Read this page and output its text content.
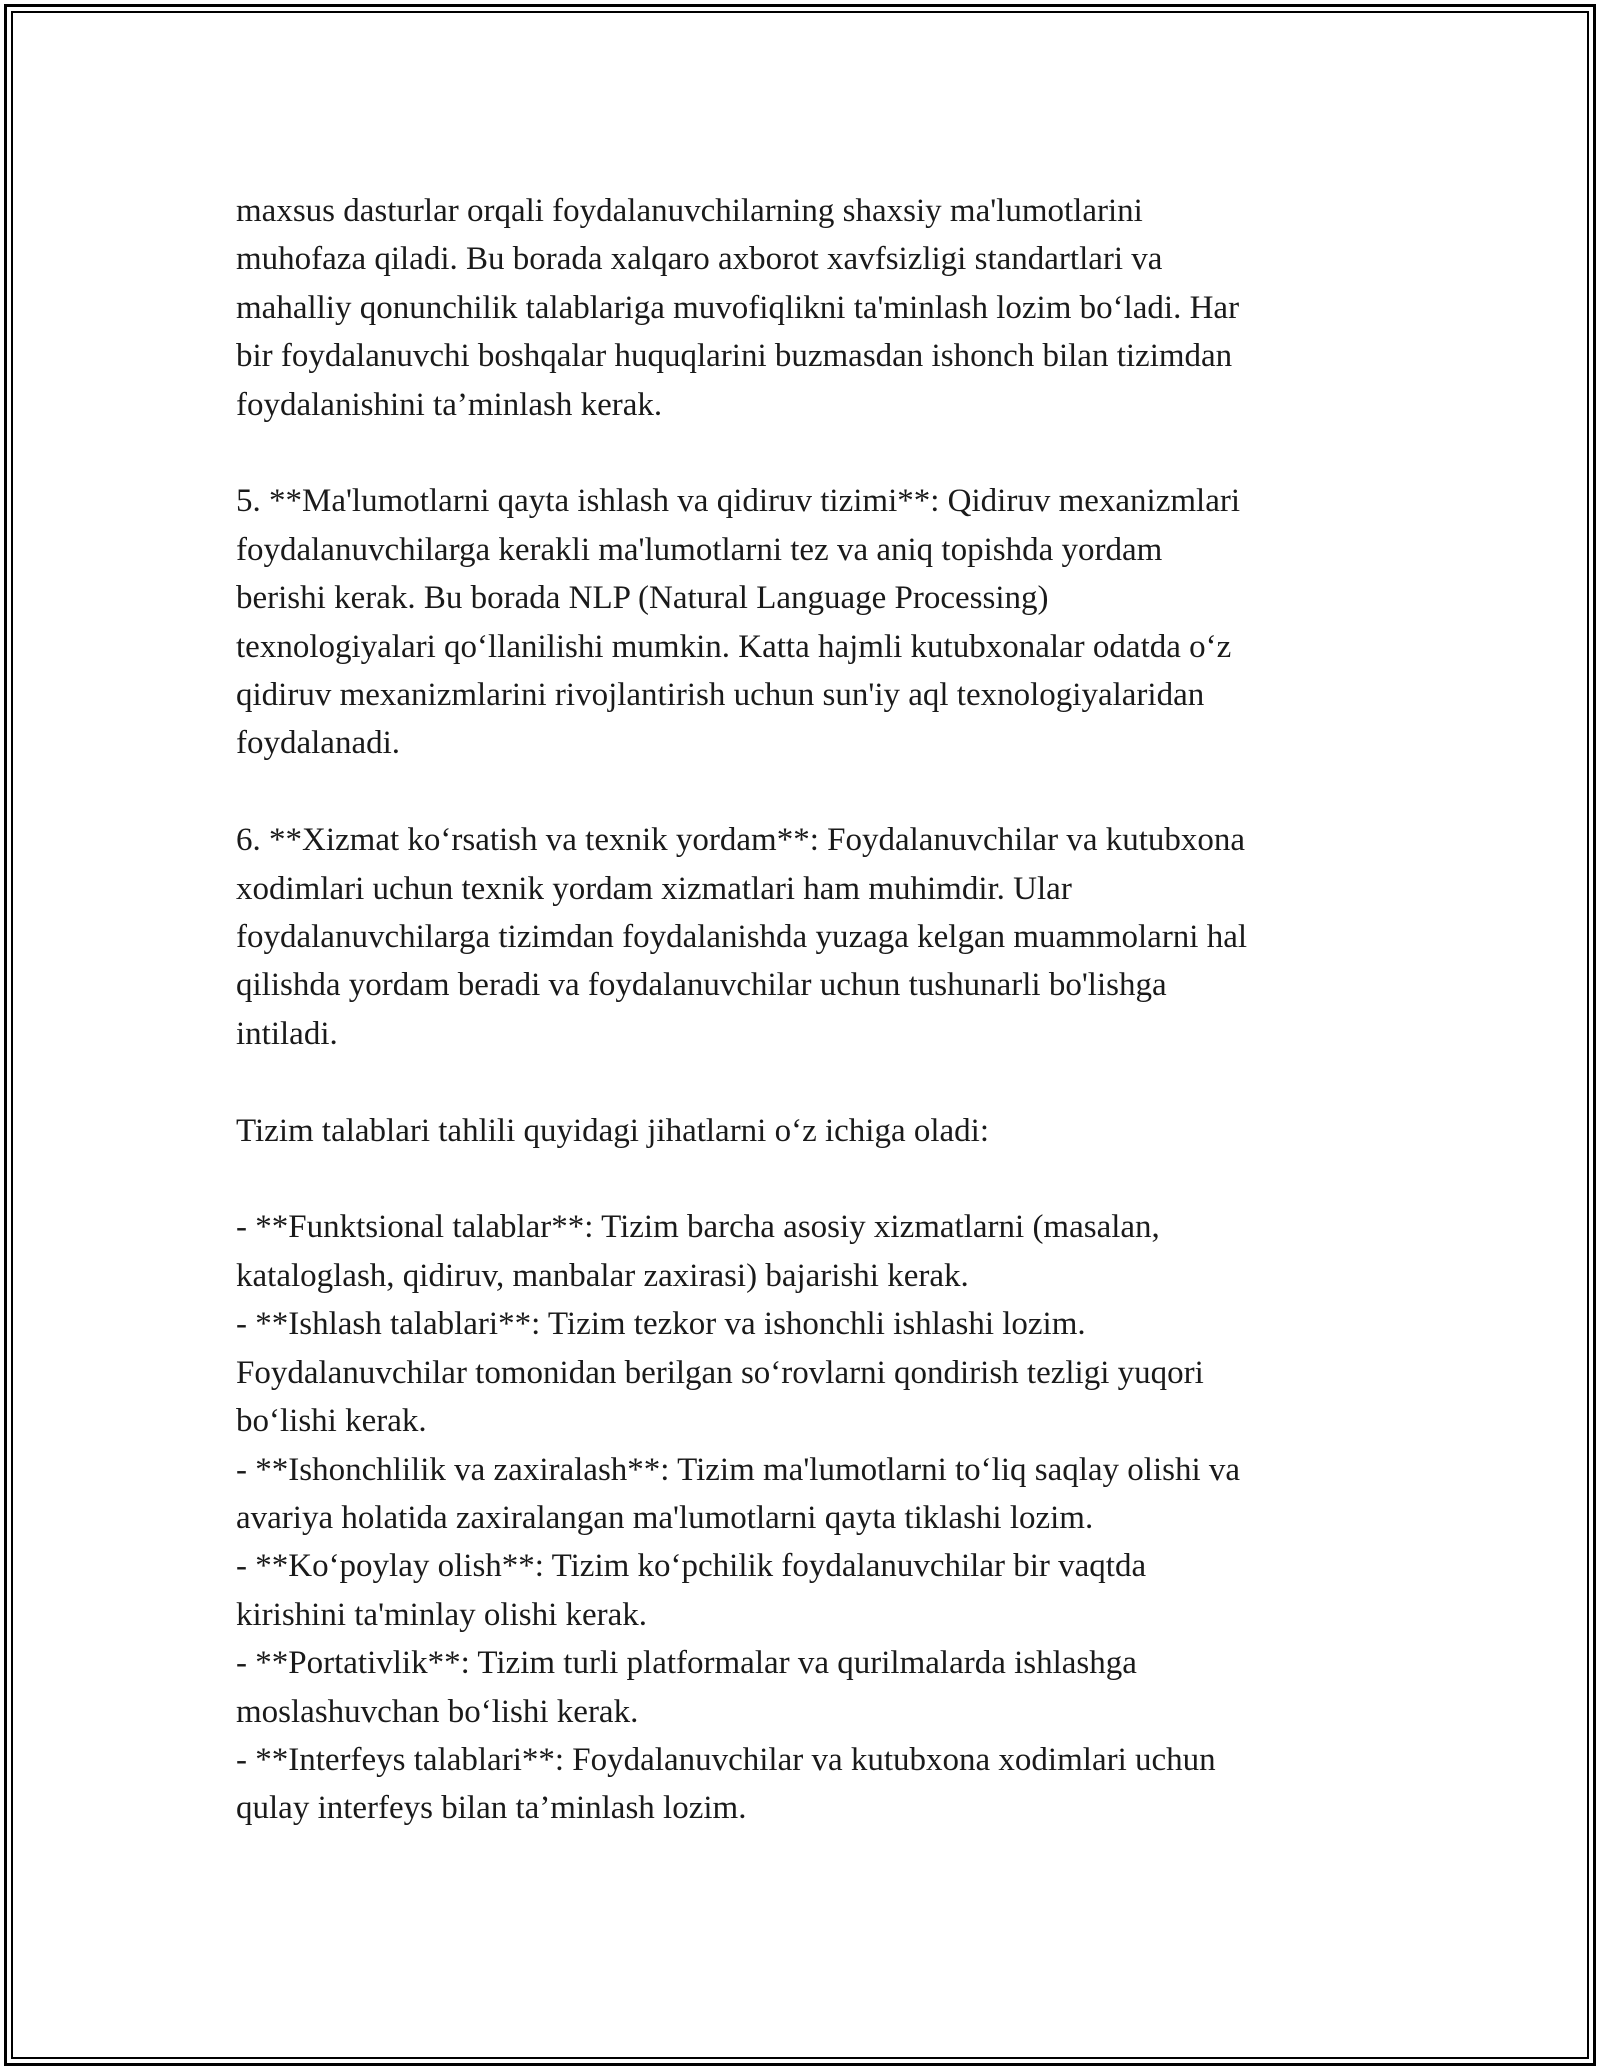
maxsus dasturlar orqali foydalanuvchilarning shaxsiy ma'lumotlarini
muhofaza qiladi. Bu borada xalqaro axborot xavfsizligi standartlari va
mahalliy qonunchilik talablariga muvofiqlikni ta'minlash lozim bo‘ladi. Har
bir foydalanuvchi boshqalar huquqlarini buzmasdan ishonch bilan tizimdan
foydalanishini ta’minlash kerak.
5. **Ma'lumotlarni qayta ishlash va qidiruv tizimi**: Qidiruv mexanizmlari
foydalanuvchilarga kerakli ma'lumotlarni tez va aniq topishda yordam
berishi kerak. Bu borada NLP (Natural Language Processing)
texnologiyalari qo‘llanilishi mumkin. Katta hajmli kutubxonalar odatda o‘z
qidiruv mexanizmlarini rivojlantirish uchun sun'iy aql texnologiyalaridan
foydalanadi.
6. **Xizmat ko‘rsatish va texnik yordam**: Foydalanuvchilar va kutubxona
xodimlari uchun texnik yordam xizmatlari ham muhimdir. Ular
foydalanuvchilarga tizimdan foydalanishda yuzaga kelgan muammolarni hal
qilishda yordam beradi va foydalanuvchilar uchun tushunarli bo'lishga
intiladi.
Tizim talablari tahlili quyidagi jihatlarni o‘z ichiga oladi:
- **Funktsional talablar**: Tizim barcha asosiy xizmatlarni (masalan,
kataloglash, qidiruv, manbalar zaxirasi) bajarishi kerak.
- **Ishlash talablari**: Tizim tezkor va ishonchli ishlashi lozim.
Foydalanuvchilar tomonidan berilgan so‘rovlarni qondirish tezligi yuqori
bo‘lishi kerak.
- **Ishonchlilik va zaxiralash**: Tizim ma'lumotlarni to‘liq saqlay olishi va
avariya holatida zaxiralangan ma'lumotlarni qayta tiklashi lozim.
- **Ko‘poylay olish**: Tizim ko‘pchilik foydalanuvchilar bir vaqtda
kirishini ta'minlay olishi kerak.
- **Portativlik**: Tizim turli platformalar va qurilmalarda ishlashga
moslashuvchan bo‘lishi kerak.
- **Interfeys talablari**: Foydalanuvchilar va kutubxona xodimlari uchun
qulay interfeys bilan ta’minlash lozim.
